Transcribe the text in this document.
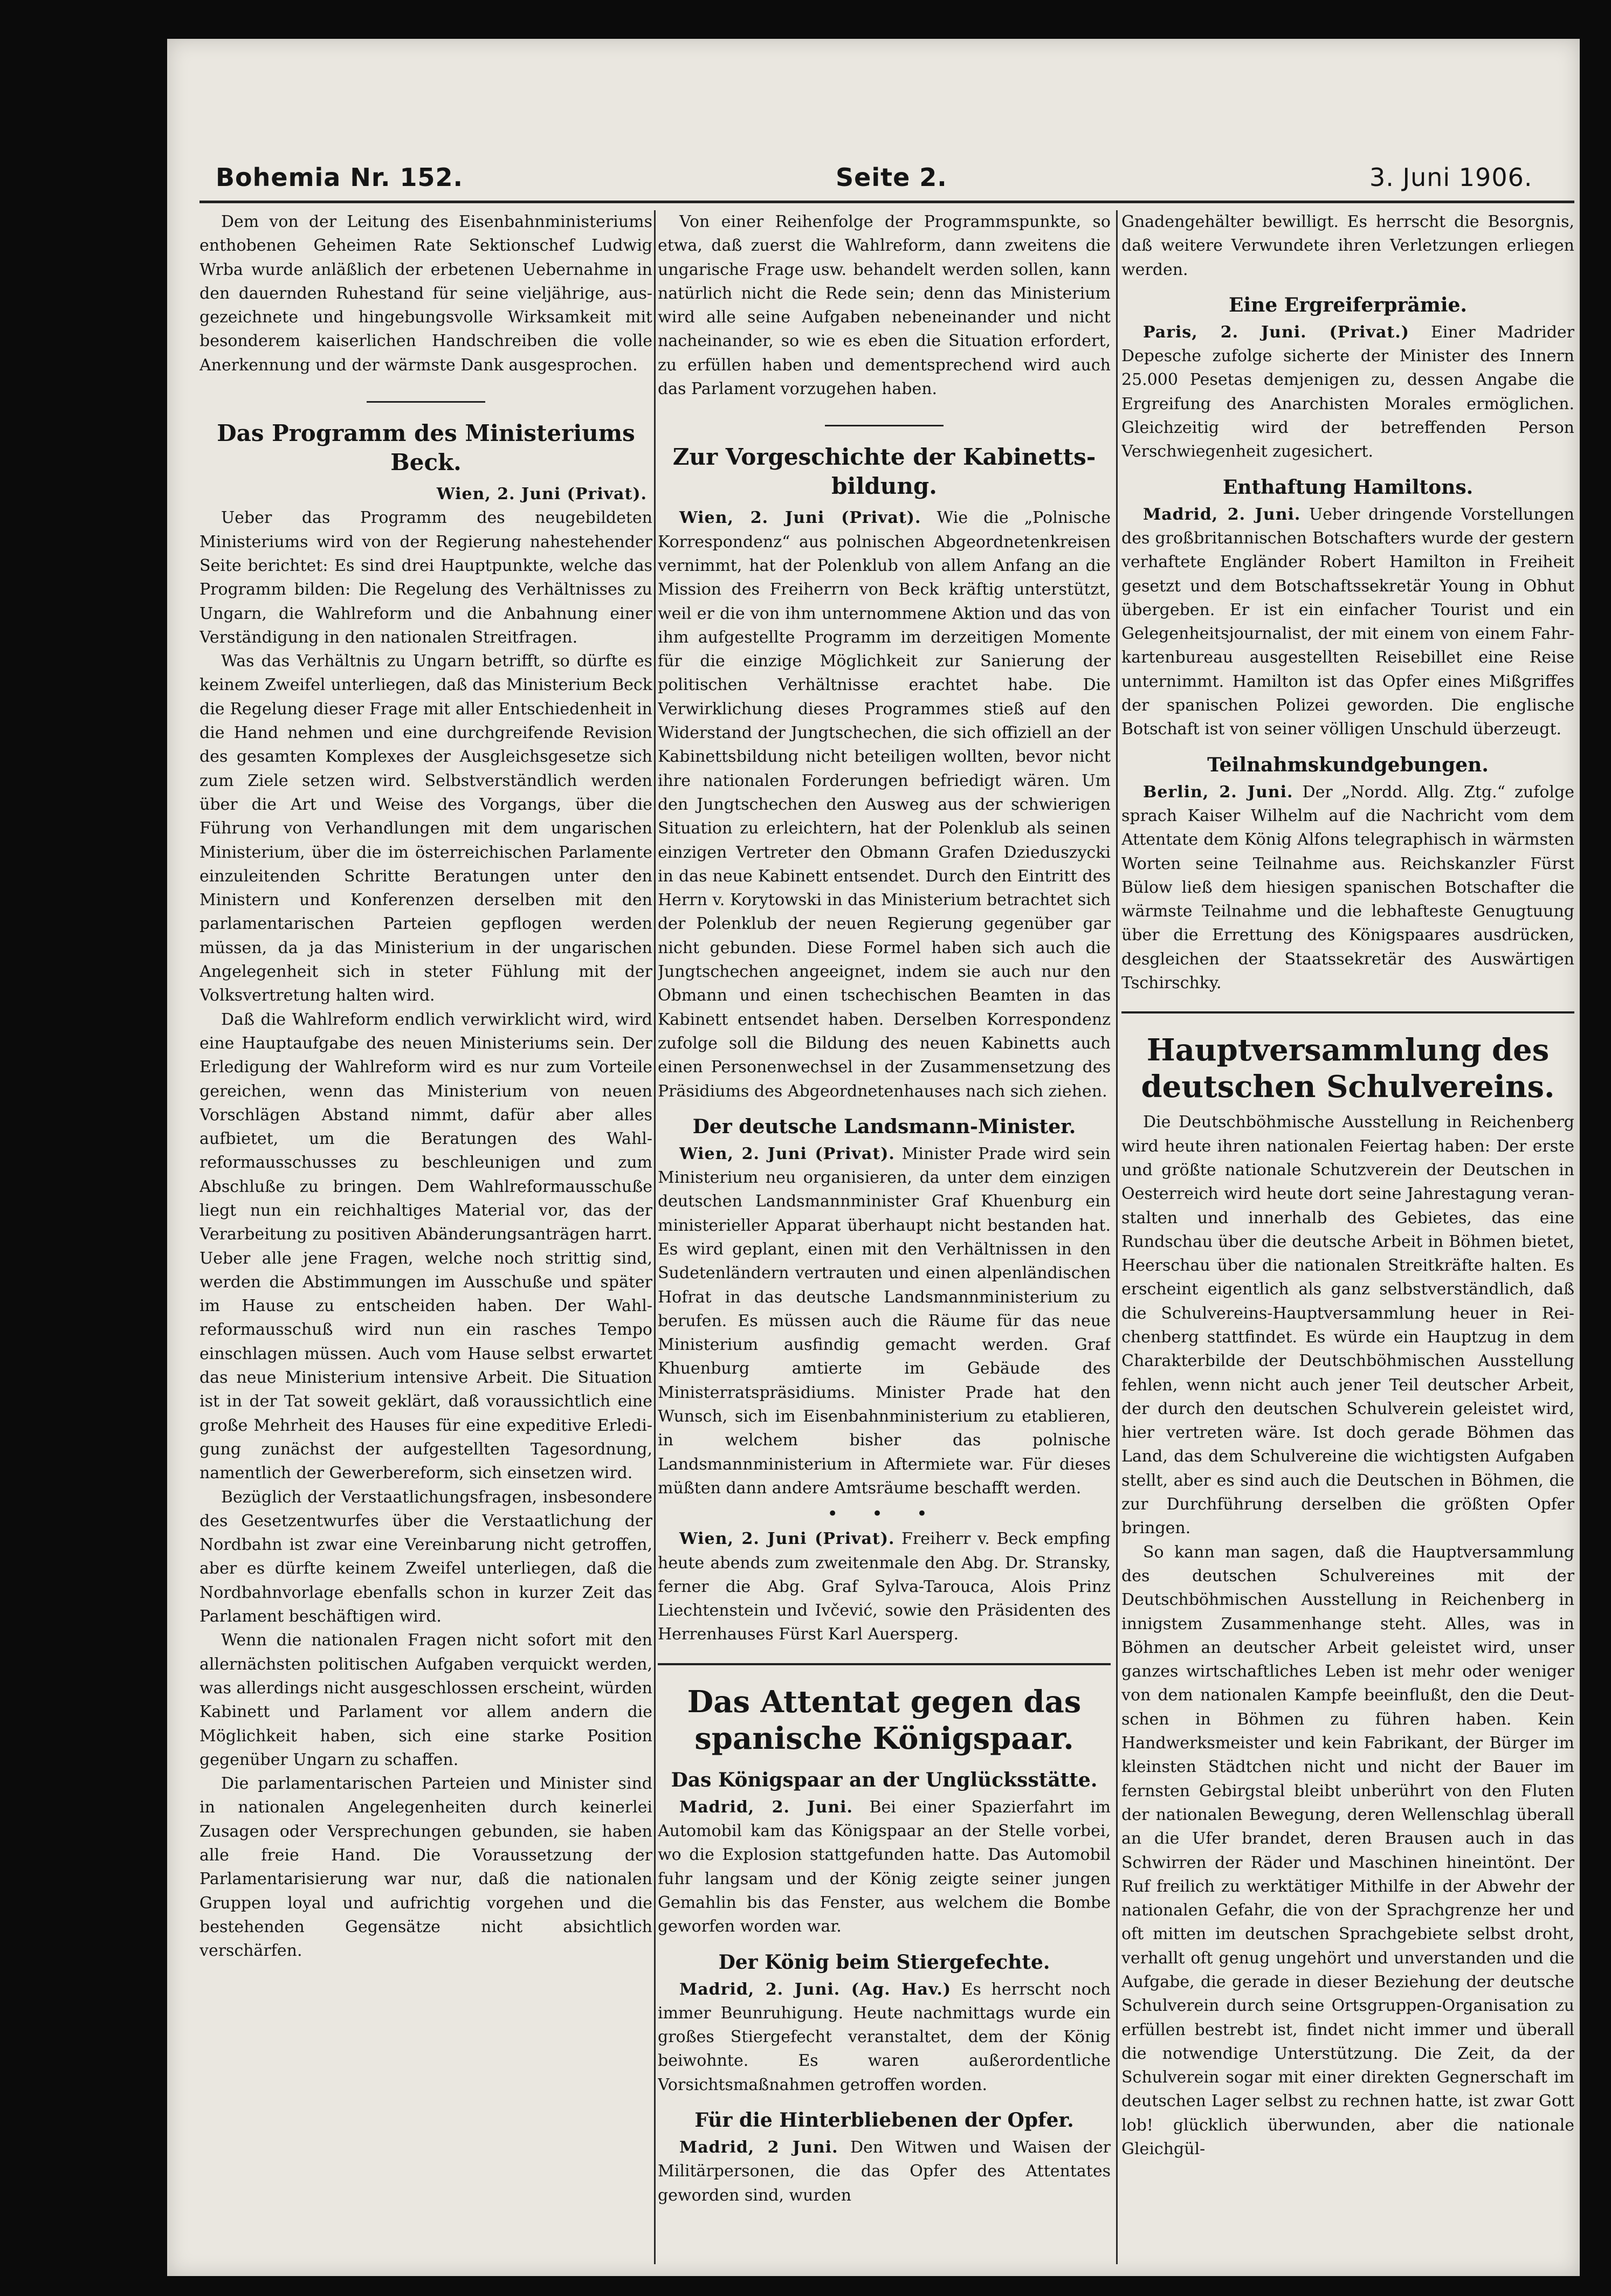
Bohemia Nr. 152.	Seite 2.	3. Juni 1906.

Dem von der Leitung des Eisenbahnministeriums enthobenen Geheimen Rate Sektionschef Ludwig Wrba wurde anläßlich der erbetenen Uebernahme in den dauernden Ruhestand für seine vieljährige, ausgezeichnete und hingebungsvolle Wirksamkeit mit besonderem kaiserlichen Handschreiben die volle Anerkennung und der wärmste Dank ausgesprochen.

Das Programm des Ministeriums Beck.

Wien, 2. Juni (Privat).

Ueber das Programm des neugebildeten Ministeriums wird von der Regierung nahestehender Seite berichtet: Es sind drei Hauptpunkte, welche das Programm bilden: Die Regelung des Verhältnisses zu Ungarn, die Wahlreform und die Anbahnung einer Verständigung in den nationalen Streitfragen.

Was das Verhältnis zu Ungarn betrifft, so dürfte es keinem Zweifel unterliegen, daß das Ministerium Beck die Regelung dieser Frage mit aller Entschiedenheit in die Hand nehmen und eine durchgreifende Revision des gesamten Komplexes der Ausgleichsgesetze sich zum Ziele setzen wird. Selbstverständlich werden über die Art und Weise des Vorgangs, über die Führung von Verhandlungen mit dem ungarischen Ministerium, über die im österreichischen Parlamente einzuleitenden Schritte Beratungen unter den Ministern und Konferenzen derselben mit den parlamentarischen Parteien gepflogen werden müssen, da ja das Ministerium in der ungarischen Angelegenheit sich in steter Fühlung mit der Volksvertretung halten wird.

Daß die Wahlreform endlich verwirklicht wird, wird eine Hauptaufgabe des neuen Ministeriums sein. Der Erledigung der Wahlreform wird es nur zum Vorteile gereichen, wenn das Ministerium von neuen Vorschlägen Abstand nimmt, dafür aber alles aufbietet, um die Beratungen des Wahlreformausschusses zu beschleunigen und zum Abschluße zu bringen. Dem Wahlreformausschuße liegt nun ein reichhaltiges Material vor, das der Verarbeitung zu positiven Abänderungsanträgen harrt. Ueber alle jene Fragen, welche noch strittig sind, werden die Abstimmungen im Ausschuße und später im Hause zu entscheiden haben. Der Wahlreformausschuß wird nun ein rasches Tempo einschlagen müssen. Auch vom Hause selbst erwartet das neue Ministerium intensive Arbeit. Die Situation ist in der Tat soweit geklärt, daß voraussichtlich eine große Mehrheit des Hauses für eine expeditive Erledigung zunächst der aufgestellten Tagesordnung, namentlich der Gewerbereform, sich einsetzen wird.

Bezüglich der Verstaatlichungsfragen, insbesondere des Gesetzentwurfes über die Verstaatlichung der Nordbahn ist zwar eine Vereinbarung nicht getroffen, aber es dürfte keinem Zweifel unterliegen, daß die Nordbahnvorlage ebenfalls schon in kurzer Zeit das Parlament beschäftigen wird.

Wenn die nationalen Fragen nicht sofort mit den allernächsten politischen Aufgaben verquickt werden, was allerdings nicht ausgeschlossen erscheint, würden Kabinett und Parlament vor allem andern die Möglichkeit haben, sich eine starke Position gegenüber Ungarn zu schaffen.

Die parlamentarischen Parteien und Minister sind in nationalen Angelegenheiten durch keinerlei Zusagen oder Versprechungen gebunden, sie haben alle freie Hand. Die Voraussetzung der Parlamentarisierung war nur, daß die nationalen Gruppen loyal und aufrichtig vorgehen und die bestehenden Gegensätze nicht absichtlich verschärfen.

Von einer Reihenfolge der Programmspunkte, so etwa, daß zuerst die Wahlreform, dann zweitens die ungarische Frage usw. behandelt werden sollen, kann natürlich nicht die Rede sein; denn das Ministerium wird alle seine Aufgaben nebeneinander und nicht nacheinander, so wie es eben die Situation erfordert, zu erfüllen haben und dementsprechend wird auch das Parlament vorzugehen haben.

Zur Vorgeschichte der Kabinettsbildung.

Wien, 2. Juni (Privat). Wie die „Polnische Korrespondenz“ aus polnischen Abgeordnetenkreisen vernimmt, hat der Polenklub von allem Anfang an die Mission des Freiherrn von Beck kräftig unterstützt, weil er die von ihm unternommene Aktion und das von ihm aufgestellte Programm im derzeitigen Momente für die einzige Möglichkeit zur Sanierung der politischen Verhältnisse erachtet habe. Die Verwirklichung dieses Programmes stieß auf den Widerstand der Jungtschechen, die sich offiziell an der Kabinettsbildung nicht beteiligen wollten, bevor nicht ihre nationalen Forderungen befriedigt wären. Um den Jungtschechen den Ausweg aus der schwierigen Situation zu erleichtern, hat der Polenklub als seinen einzigen Vertreter den Obmann Grafen Dzieduszycki in das neue Kabinett entsendet. Durch den Eintritt des Herrn v. Korytowski in das Ministerium betrachtet sich der Polenklub der neuen Regierung gegenüber gar nicht gebunden. Diese Formel haben sich auch die Jungtschechen angeeignet, indem sie auch nur den Obmann und einen tschechischen Beamten in das Kabinett entsendet haben. Derselben Korrespondenz zufolge soll die Bildung des neuen Kabinetts auch einen Personenwechsel in der Zusammensetzung des Präsidiums des Abgeordnetenhauses nach sich ziehen.

Der deutsche Landsmann-Minister.

Wien, 2. Juni (Privat). Minister Prade wird sein Ministerium neu organisieren, da unter dem einzigen deutschen Landsmannminister Graf Khuenburg ein ministerieller Apparat überhaupt nicht bestanden hat. Es wird geplant, einen mit den Verhältnissen in den Sudetenländern vertrauten und einen alpenländischen Hofrat in das deutsche Landsmannministerium zu berufen. Es müssen auch die Räume für das neue Ministerium ausfindig gemacht werden. Graf Khuenburg amtierte im Gebäude des Ministerratspräsidiums. Minister Prade hat den Wunsch, sich im Eisenbahnministerium zu etablieren, in welchem bisher das polnische Landsmannministerium in Aftermiete war. Für dieses müßten dann andere Amtsräume beschafft werden.

• • •

Wien, 2. Juni (Privat). Freiherr v. Beck empfing heute abends zum zweitenmale den Abg. Dr. Stransky, ferner die Abg. Graf Sylva-Tarouca, Alois Prinz Liechtenstein und Ivčević, sowie den Präsidenten des Herrenhauses Fürst Karl Auersperg.

Das Attentat gegen das spanische Königspaar.
Das Königspaar an der Unglücksstätte.

Madrid, 2. Juni. Bei einer Spazierfahrt im Automobil kam das Königspaar an der Stelle vorbei, wo die Explosion stattgefunden hatte. Das Automobil fuhr langsam und der König zeigte seiner jungen Gemahlin bis das Fenster, aus welchem die Bombe geworfen worden war.

Der König beim Stiergefechte.

Madrid, 2. Juni. (Ag. Hav.) Es herrscht noch immer Beunruhigung. Heute nachmittags wurde ein großes Stiergefecht veranstaltet, dem der König beiwohnte. Es waren außerordentliche Vorsichtsmaßnahmen getroffen worden.

Für die Hinterbliebenen der Opfer.

Madrid, 2 Juni. Den Witwen und Waisen der Militärpersonen, die das Opfer des Attentates geworden sind, wurden

Gnadengehälter bewilligt. Es herrscht die Besorgnis, daß weitere Verwundete ihren Verletzungen erliegen werden.

Eine Ergreiferprämie.

Paris, 2. Juni. (Privat.) Einer Madrider Depesche zufolge sicherte der Minister des Innern 25.000 Pesetas demjenigen zu, dessen Angabe die Ergreifung des Anarchisten Morales ermöglichen. Gleichzeitig wird der betreffenden Person Verschwiegenheit zugesichert.

Enthaftung Hamiltons.

Madrid, 2. Juni. Ueber dringende Vorstellungen des großbritannischen Botschafters wurde der gestern verhaftete Engländer Robert Hamilton in Freiheit gesetzt und dem Botschaftssekretär Young in Obhut übergeben. Er ist ein einfacher Tourist und ein Gelegenheitsjournalist, der mit einem von einem Fahrkartenbureau ausgestellten Reisebillet eine Reise unternimmt. Hamilton ist das Opfer eines Mißgriffes der spanischen Polizei geworden. Die englische Botschaft ist von seiner völligen Unschuld überzeugt.

Teilnahmskundgebungen.

Berlin, 2. Juni. Der „Nordd. Allg. Ztg.“ zufolge sprach Kaiser Wilhelm auf die Nachricht vom dem Attentate dem König Alfons telegraphisch in wärmsten Worten seine Teilnahme aus. Reichskanzler Fürst Bülow ließ dem hiesigen spanischen Botschafter die wärmste Teilnahme und die lebhafteste Genugtuung über die Errettung des Königspaares ausdrücken, desgleichen der Staatssekretär des Auswärtigen Tschirschky.

Hauptversammlung des deutschen Schulvereins.

Die Deutschböhmische Ausstellung in Reichenberg wird heute ihren nationalen Feiertag haben: Der erste und größte nationale Schutzverein der Deutschen in Oesterreich wird heute dort seine Jahrestagung veranstalten und innerhalb des Gebietes, das eine Rundschau über die deutsche Arbeit in Böhmen bietet, Heerschau über die nationalen Streitkräfte halten. Es erscheint eigentlich als ganz selbstverständlich, daß die Schulvereins-Hauptversammlung heuer in Reichenberg stattfindet. Es würde ein Hauptzug in dem Charakterbilde der Deutschböhmischen Ausstellung fehlen, wenn nicht auch jener Teil deutscher Arbeit, der durch den deutschen Schulverein geleistet wird, hier vertreten wäre. Ist doch gerade Böhmen das Land, das dem Schulvereine die wichtigsten Aufgaben stellt, aber es sind auch die Deutschen in Böhmen, die zur Durchführung derselben die größten Opfer bringen.

So kann man sagen, daß die Hauptversammlung des deutschen Schulvereines mit der Deutschböhmischen Ausstellung in Reichenberg in innigstem Zusammenhange steht. Alles, was in Böhmen an deutscher Arbeit geleistet wird, unser ganzes wirtschaftliches Leben ist mehr oder weniger von dem nationalen Kampfe beeinflußt, den die Deutschen in Böhmen zu führen haben. Kein Handwerksmeister und kein Fabrikant, der Bürger im kleinsten Städtchen nicht und nicht der Bauer im fernsten Gebirgstal bleibt unberührt von den Fluten der nationalen Bewegung, deren Wellenschlag überall an die Ufer brandet, deren Brausen auch in das Schwirren der Räder und Maschinen hineintönt. Der Ruf freilich zu werktätiger Mithilfe in der Abwehr der nationalen Gefahr, die von der Sprachgrenze her und oft mitten im deutschen Sprachgebiete selbst droht, verhallt oft genug ungehört und unverstanden und die Aufgabe, die gerade in dieser Beziehung der deutsche Schulverein durch seine Ortsgruppen-Organisation zu erfüllen bestrebt ist, findet nicht immer und überall die notwendige Unterstützung. Die Zeit, da der Schulverein sogar mit einer direkten Gegnerschaft im deutschen Lager selbst zu rechnen hatte, ist zwar Gott lob! glücklich überwunden, aber die nationale Gleichgül-
